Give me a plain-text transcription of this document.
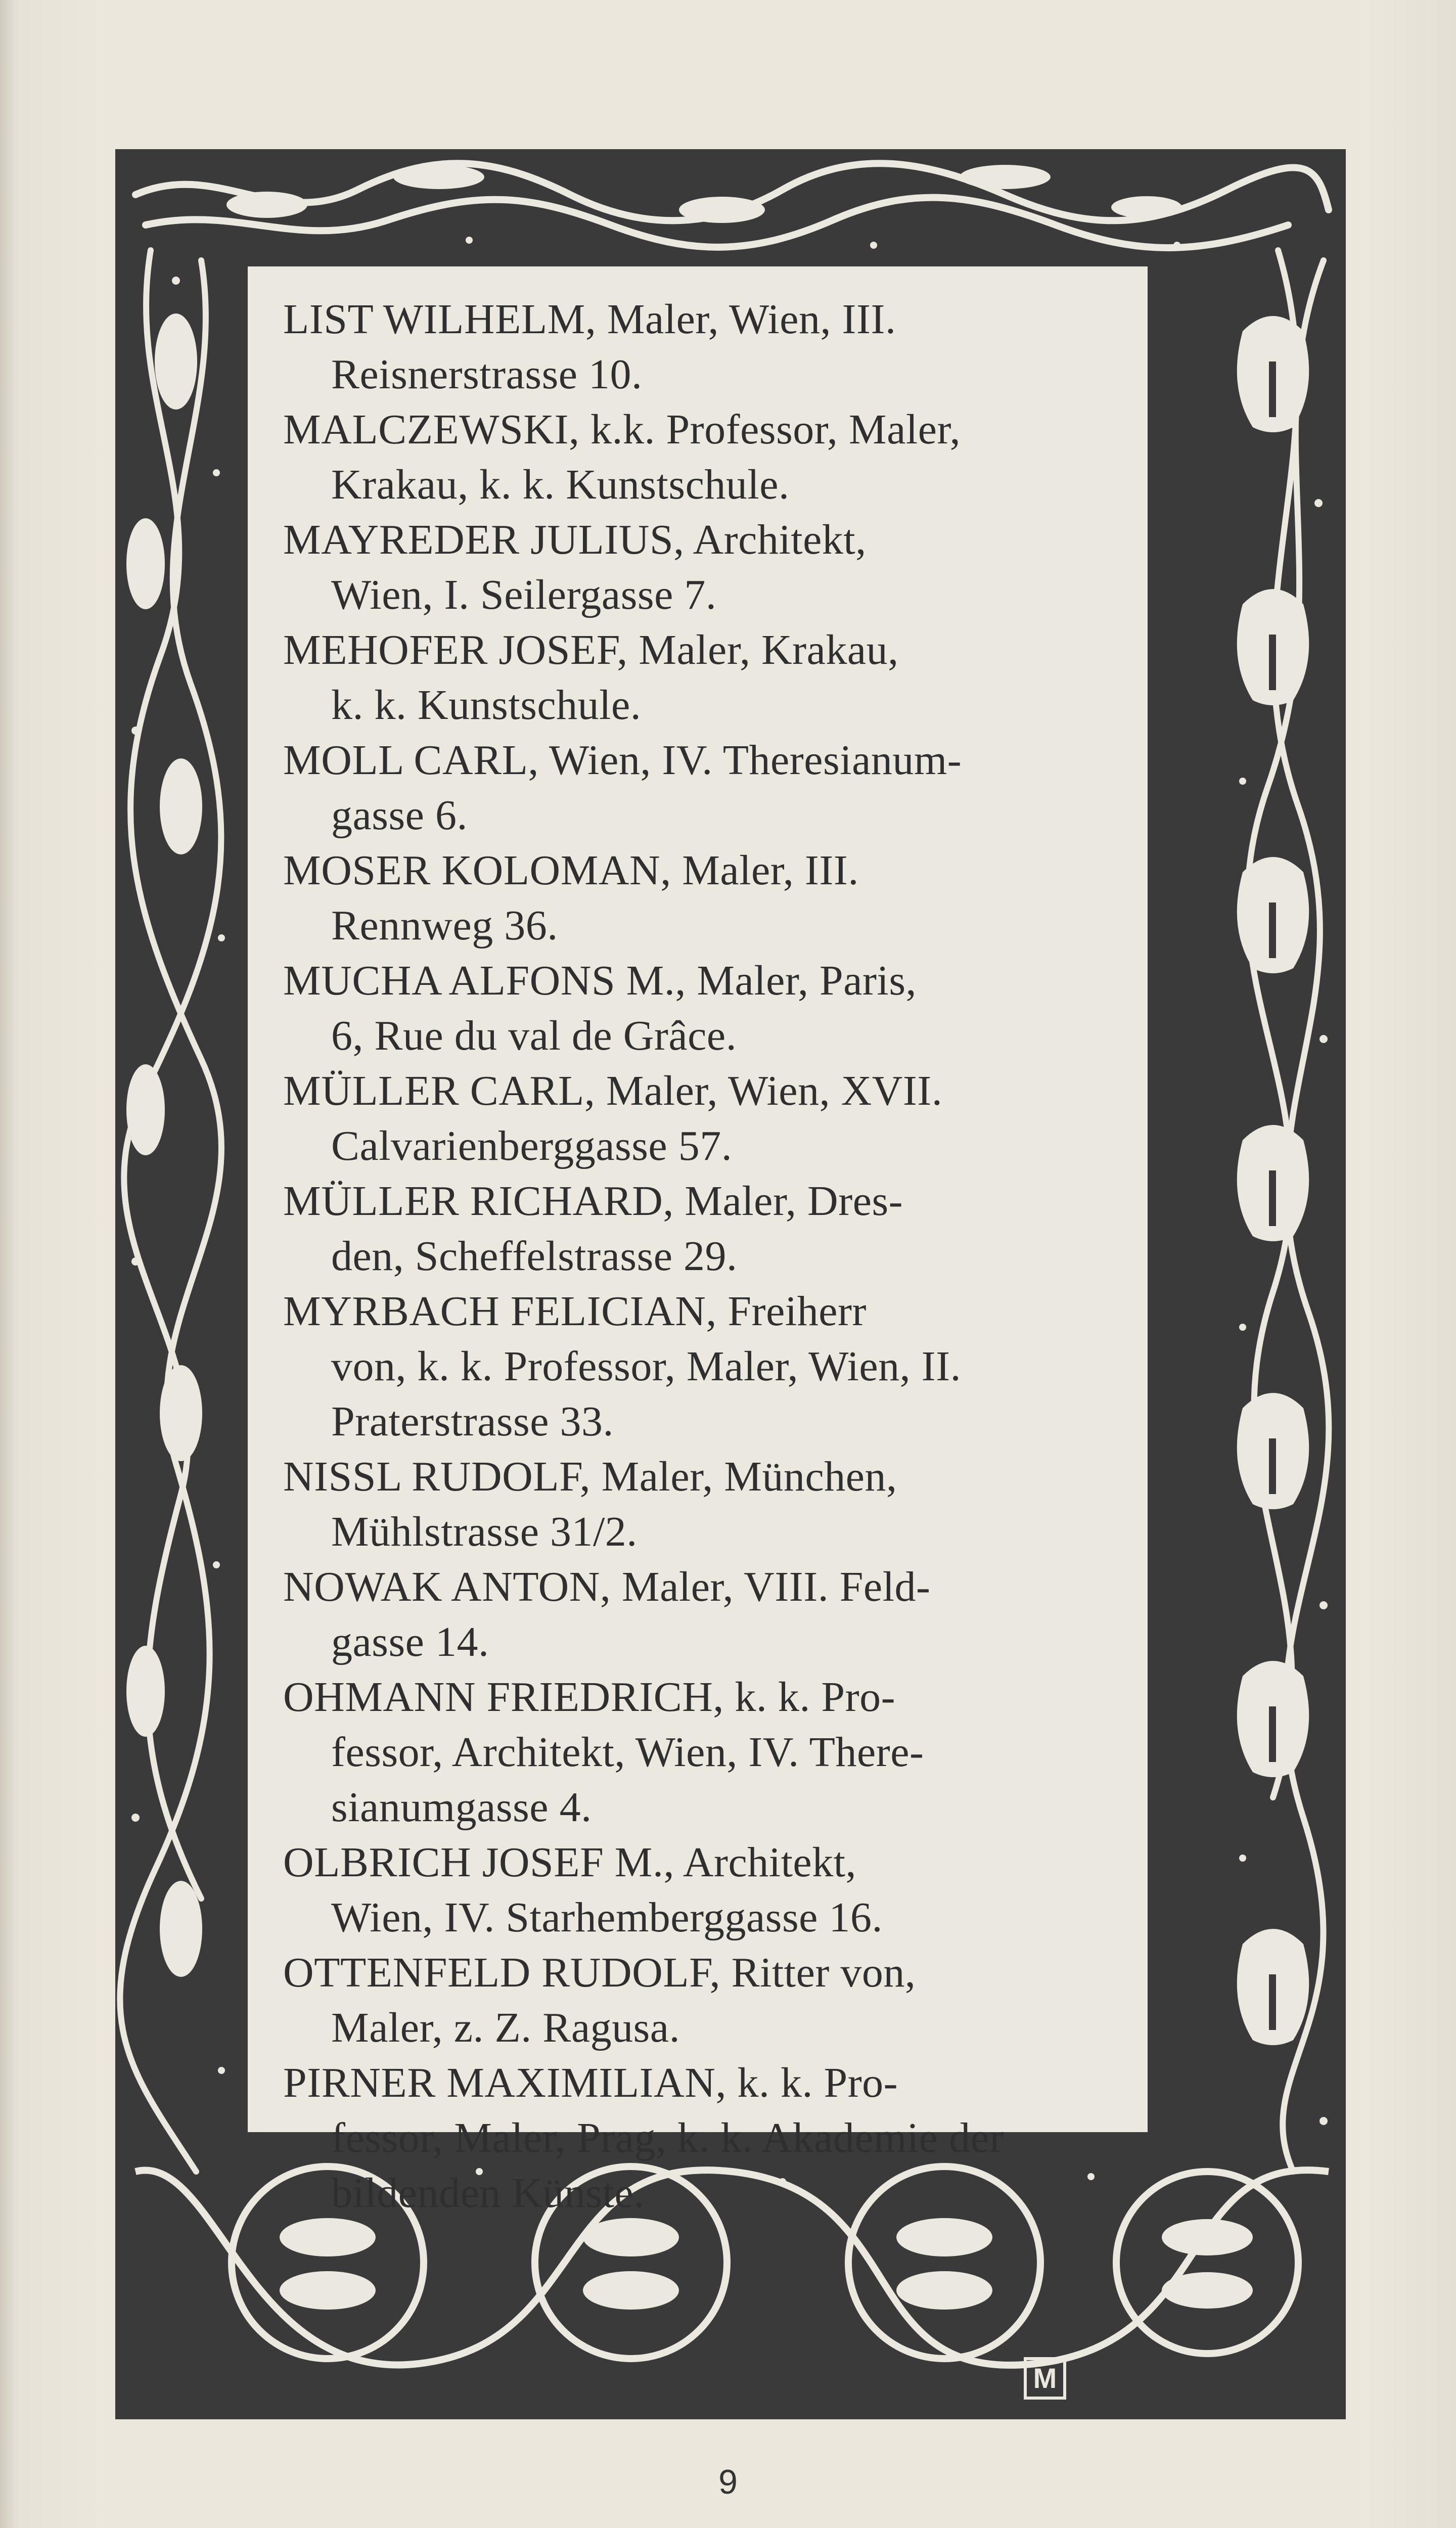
M
LIST WILHELM, Maler, Wien, III.
Reisnerstrasse 10.
MALCZEWSKI, k.k. Professor, Maler,
Krakau, k. k. Kunstschule.
MAYREDER JULIUS, Architekt,
Wien, I. Seilergasse 7.
MEHOFER JOSEF, Maler, Krakau,
k. k. Kunstschule.
MOLL CARL, Wien, IV. Theresianum-
gasse 6.
MOSER KOLOMAN, Maler, III.
Rennweg 36.
MUCHA ALFONS M., Maler, Paris,
6, Rue du val de Grâce.
MÜLLER CARL, Maler, Wien, XVII.
Calvarienberggasse 57.
MÜLLER RICHARD, Maler, Dres-
den, Scheffelstrasse 29.
MYRBACH FELICIAN, Freiherr
von, k. k. Professor, Maler, Wien, II.
Praterstrasse 33.
NISSL RUDOLF, Maler, München,
Mühlstrasse 31/2.
NOWAK ANTON, Maler, VIII. Feld-
gasse 14.
OHMANN FRIEDRICH, k. k. Pro-
fessor, Architekt, Wien, IV. There-
sianumgasse 4.
OLBRICH JOSEF M., Architekt,
Wien, IV. Starhemberggasse 16.
OTTENFELD RUDOLF, Ritter von,
Maler, z. Z. Ragusa.
PIRNER MAXIMILIAN, k. k. Pro-
fessor, Maler, Prag, k. k. Akademie der
bildenden Künste.
9
